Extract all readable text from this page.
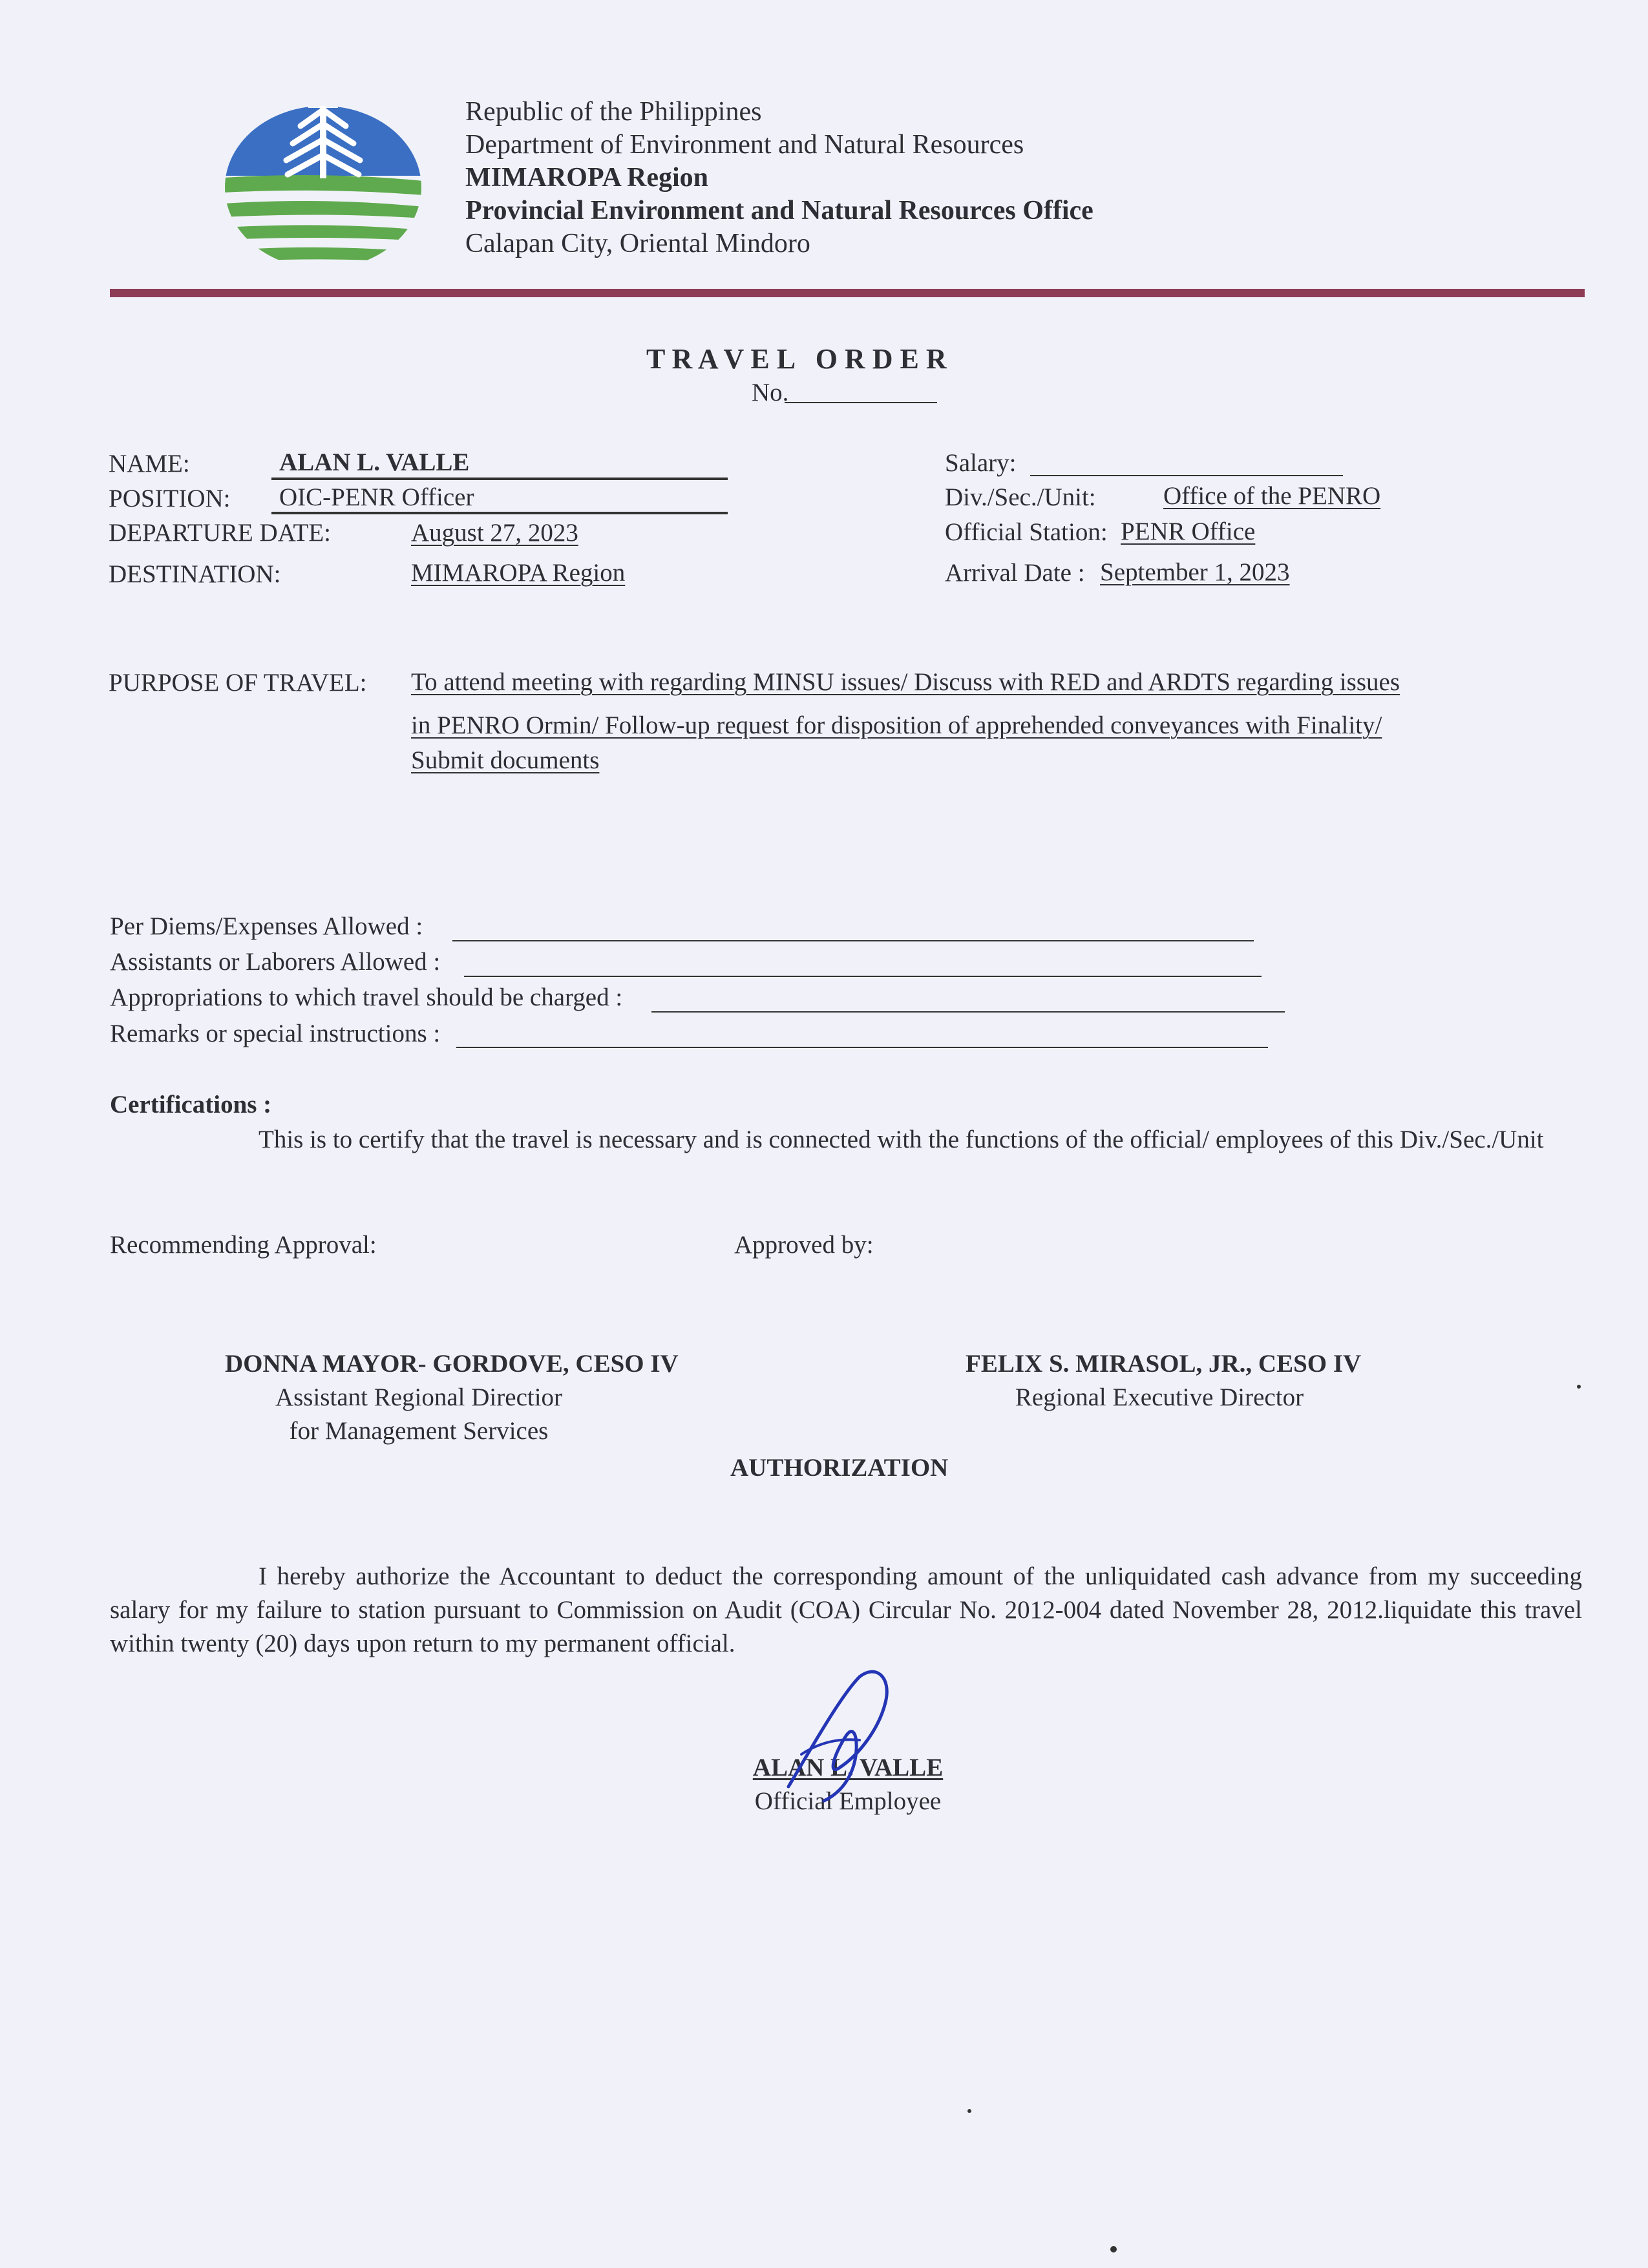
Republic of the Philippines
Department of Environment and Natural Resources
MIMAROPA Region
Provincial Environment and Natural Resources Office
Calapan City, Oriental Mindoro
T R A V E L   O R D E R
No.
NAME:	ALAN L. VALLE
POSITION: OIC-PENR Officer
DEPARTURE DATE:	August 27, 2023
DESTINATION:	MIMAROPA Region
Salary:
Div./Sec./Unit:	Office of the PENRO
Official Station: PENR Office
Arrival Date : September 1, 2023
PURPOSE OF TRAVEL: To attend meeting with regarding MINSU issues/ Discuss with RED and ARDTS regarding issues
in PENRO Ormin/ Follow-up request for disposition of apprehended conveyances with Finality/
Submit documents
Per Diems/Expenses Allowed :
Assistants or Laborers Allowed :
Appropriations to which travel should be charged :
Remarks or special instructions :
Certifications :
This is to certify that the travel is necessary and is connected with the functions of the official/ employees of this Div./Sec./Unit
Recommending Approval:	Approved by:
DONNA MAYOR- GORDOVE, CESO IV
Assistant Regional Directior
for Management Services
FELIX S. MIRASOL, JR., CESO IV
Regional Executive Director
AUTHORIZATION
I hereby authorize the Accountant to deduct the corresponding amount of the unliquidated cash advance from my succeeding salary for my failure to station pursuant to Commission on Audit (COA) Circular No. 2012-004 dated November 28, 2012.liquidate this travel within twenty (20) days upon return to my permanent official.
ALAN L. VALLE
Official Employee
